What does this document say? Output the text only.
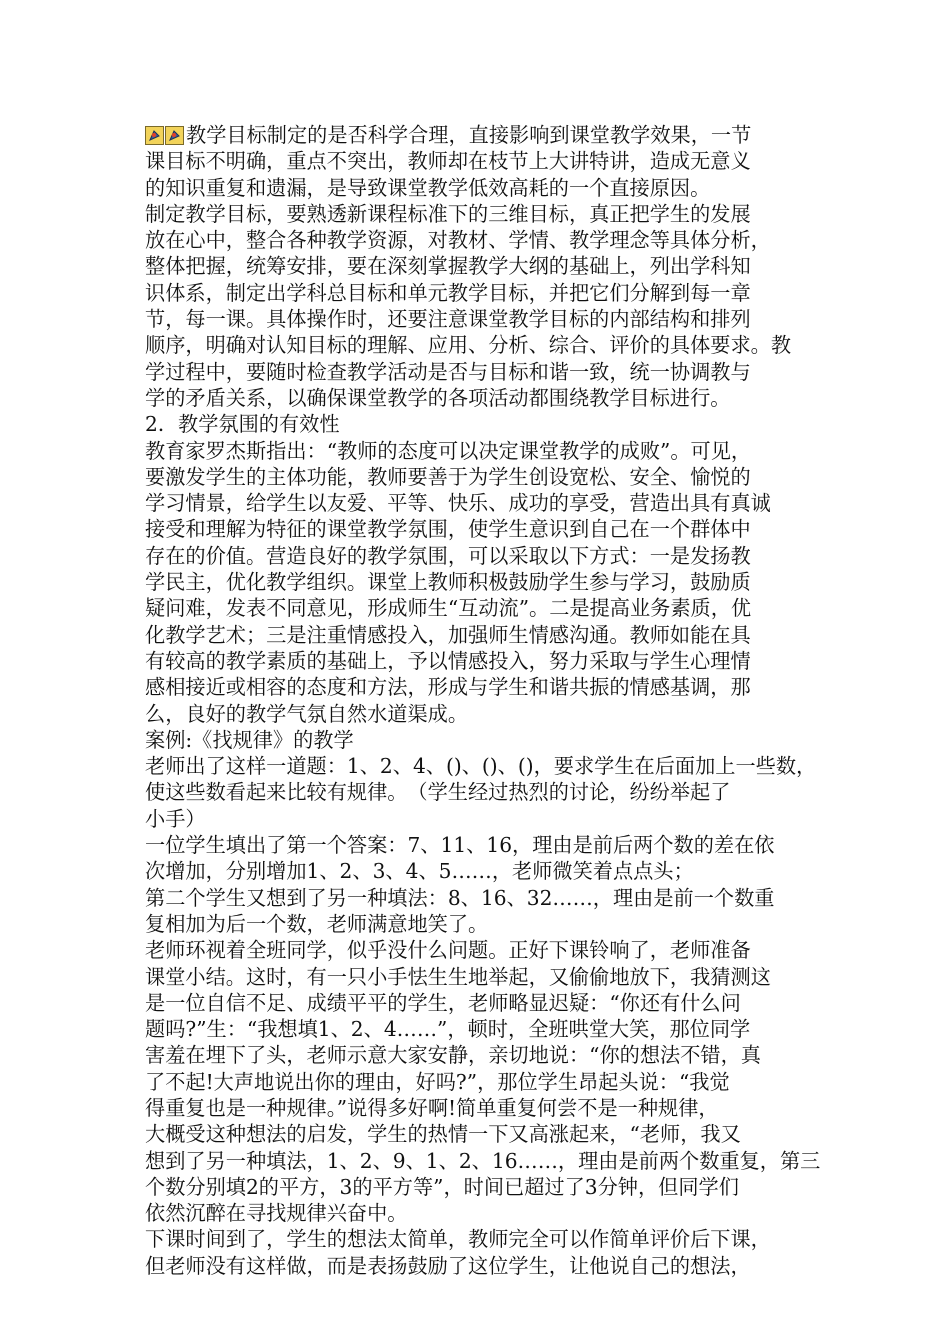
教学目标制定的是否科学合理，直接影响到课堂教学效果，一节
课目标不明确，重点不突出，教师却在枝节上大讲特讲，造成无意义
的知识重复和遗漏，是导致课堂教学低效高耗的一个直接原因。
制定教学目标，要熟透新课程标准下的三维目标，真正把学生的发展
放在心中，整合各种教学资源，对教材、学情、教学理念等具体分析，
整体把握，统筹安排，要在深刻掌握教学大纲的基础上，列出学科知
识体系，制定出学科总目标和单元教学目标，并把它们分解到每一章
节，每一课。具体操作时，还要注意课堂教学目标的内部结构和排列
顺序，明确对认知目标的理解、应用、分析、综合、评价的具体要求。教
学过程中，要随时检查教学活动是否与目标和谐一致，统一协调教与
学的矛盾关系，以确保课堂教学的各项活动都围绕教学目标进行。
2．教学氛围的有效性
教育家罗杰斯指出：“教师的态度可以决定课堂教学的成败”。可见，
要激发学生的主体功能，教师要善于为学生创设宽松、安全、愉悦的
学习情景，给学生以友爱、平等、快乐、成功的享受，营造出具有真诚
接受和理解为特征的课堂教学氛围，使学生意识到自己在一个群体中
存在的价值。营造良好的教学氛围，可以采取以下方式：一是发扬教
学民主，优化教学组织。课堂上教师积极鼓励学生参与学习，鼓励质
疑问难，发表不同意见，形成师生“互动流”。二是提高业务素质，优
化教学艺术；三是注重情感投入，加强师生情感沟通。教师如能在具
有较高的教学素质的基础上，予以情感投入，努力采取与学生心理情
感相接近或相容的态度和方法，形成与学生和谐共振的情感基调，那
么，良好的教学气氛自然水道渠成。
案例:《找规律》的教学
老师出了这样一道题：1、2、4、()、()、()，要求学生在后面加上一些数，
使这些数看起来比较有规律。　（学生经过热烈的讨论，纷纷举起了
小手）
一位学生填出了第一个答案：7、11、16，理由是前后两个数的差在依
次增加，分别增加1、2、3、4、5……，老师微笑着点点头；
第二个学生又想到了另一种填法：8、16、32……，理由是前一个数重
复相加为后一个数，老师满意地笑了。
老师环视着全班同学，似乎没什么问题。正好下课铃响了，老师准备
课堂小结。这时，有一只小手怯生生地举起，又偷偷地放下，我猜测这
是一位自信不足、成绩平平的学生，老师略显迟疑：“你还有什么问
题吗?”生：“我想填1、2、4……”，顿时，全班哄堂大笑，那位同学
害羞在埋下了头，老师示意大家安静，亲切地说：“你的想法不错，真
了不起!大声地说出你的理由，好吗?”，那位学生昂起头说：“我觉
得重复也是一种规律。”说得多好啊!简单重复何尝不是一种规律，
大概受这种想法的启发，学生的热情一下又高涨起来，“老师，我又
想到了另一种填法，1、2、9、1、2、16……，理由是前两个数重复，第三
个数分别填2的平方，3的平方等”，时间已超过了3分钟，但同学们
依然沉醉在寻找规律兴奋中。
下课时间到了，学生的想法太简单，教师完全可以作简单评价后下课，
但老师没有这样做，而是表扬鼓励了这位学生，让他说自己的想法，
